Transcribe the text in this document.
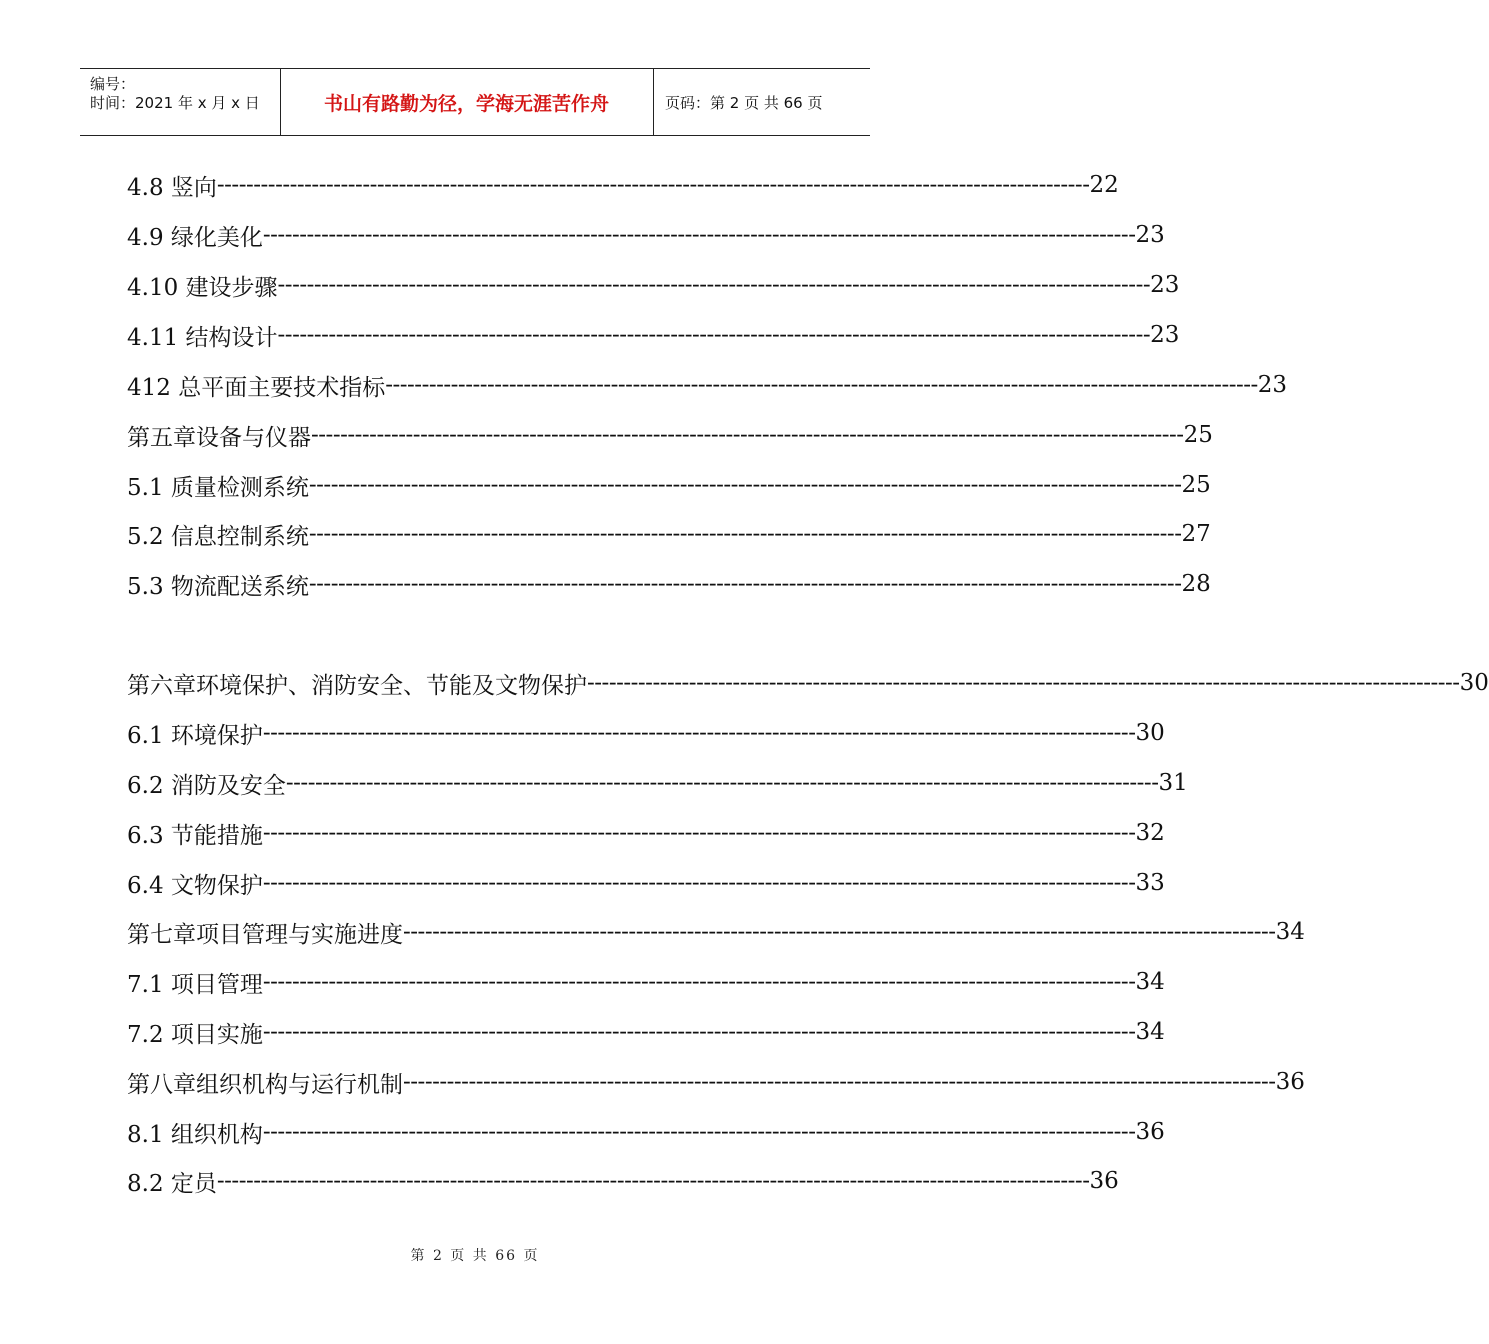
编号：
时间：2021 年 x 月 x 日	书山有路勤为径，学海无涯苦作舟	页码：第 2 页 共 66 页
4.8 竖向 ------------------------------------------------------------------------------------------------------------------------ 22
4.9 绿化美化 ------------------------------------------------------------------------------------------------------------------------ 23
4.10 建设步骤 ------------------------------------------------------------------------------------------------------------------------ 23
4.11 结构设计 ------------------------------------------------------------------------------------------------------------------------ 23
412 总平面主要技术指标 ------------------------------------------------------------------------------------------------------------------------ 23
第五章设备与仪器 ------------------------------------------------------------------------------------------------------------------------ 25
5.1 质量检测系统 ------------------------------------------------------------------------------------------------------------------------ 25
5.2 信息控制系统 ------------------------------------------------------------------------------------------------------------------------ 27
5.3 物流配送系统 ------------------------------------------------------------------------------------------------------------------------ 28
第六章环境保护、消防安全、节能及文物保护 ------------------------------------------------------------------------------------------------------------------------ 30
6.1 环境保护 ------------------------------------------------------------------------------------------------------------------------ 30
6.2 消防及安全 ------------------------------------------------------------------------------------------------------------------------ 31
6.3 节能措施 ------------------------------------------------------------------------------------------------------------------------ 32
6.4 文物保护 ------------------------------------------------------------------------------------------------------------------------ 33
第七章项目管理与实施进度 ------------------------------------------------------------------------------------------------------------------------ 34
7.1 项目管理 ------------------------------------------------------------------------------------------------------------------------ 34
7.2 项目实施 ------------------------------------------------------------------------------------------------------------------------ 34
第八章组织机构与运行机制 ------------------------------------------------------------------------------------------------------------------------ 36
8.1 组织机构 ------------------------------------------------------------------------------------------------------------------------ 36
8.2 定员 ------------------------------------------------------------------------------------------------------------------------ 36
第 2 页 共 66 页
